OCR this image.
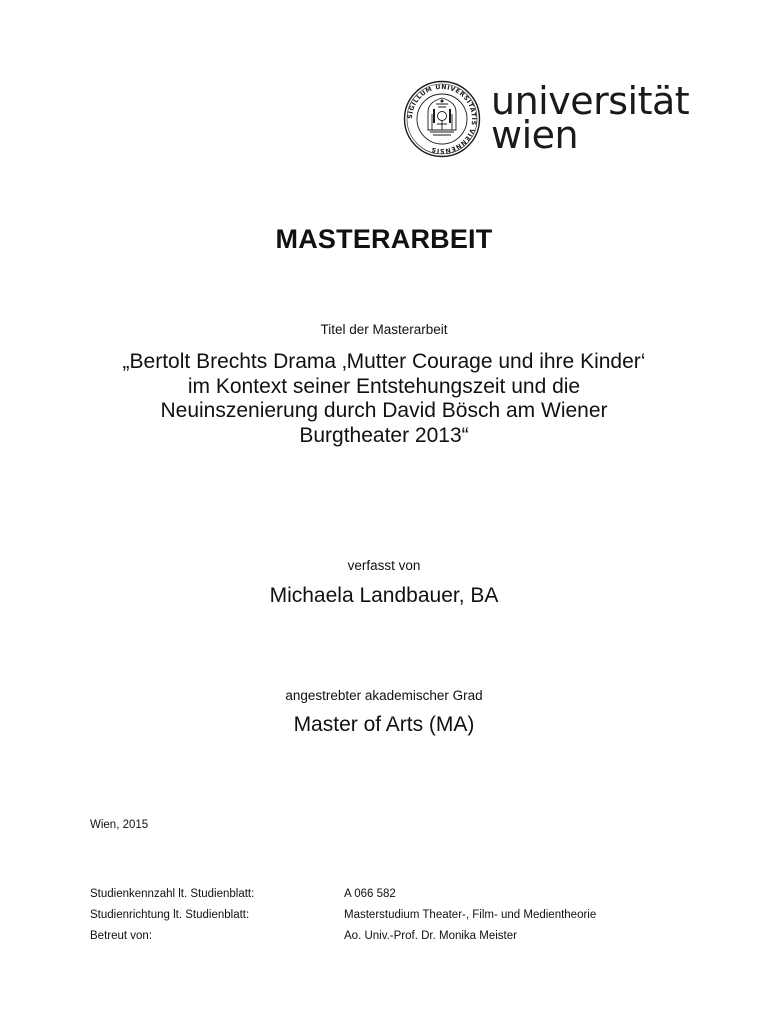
SIGILLUM UNIVERSITATIS VIENNENSIS
universität
wien
MASTERARBEIT
Titel der Masterarbeit
„Bertolt Brechts Drama ‚Mutter Courage und ihre Kinder‘
im Kontext seiner Entstehungszeit und die
Neuinszenierung durch David Bösch am Wiener
Burgtheater 2013“
verfasst von
Michaela Landbauer, BA
angestrebter akademischer Grad
Master of Arts (MA)
Wien, 2015
Studienkennzahl lt. Studienblatt:	A 066 582
Studienrichtung lt. Studienblatt:	Masterstudium Theater-, Film- und Medientheorie
Betreut von:	Ao. Univ.-Prof. Dr. Monika Meister
